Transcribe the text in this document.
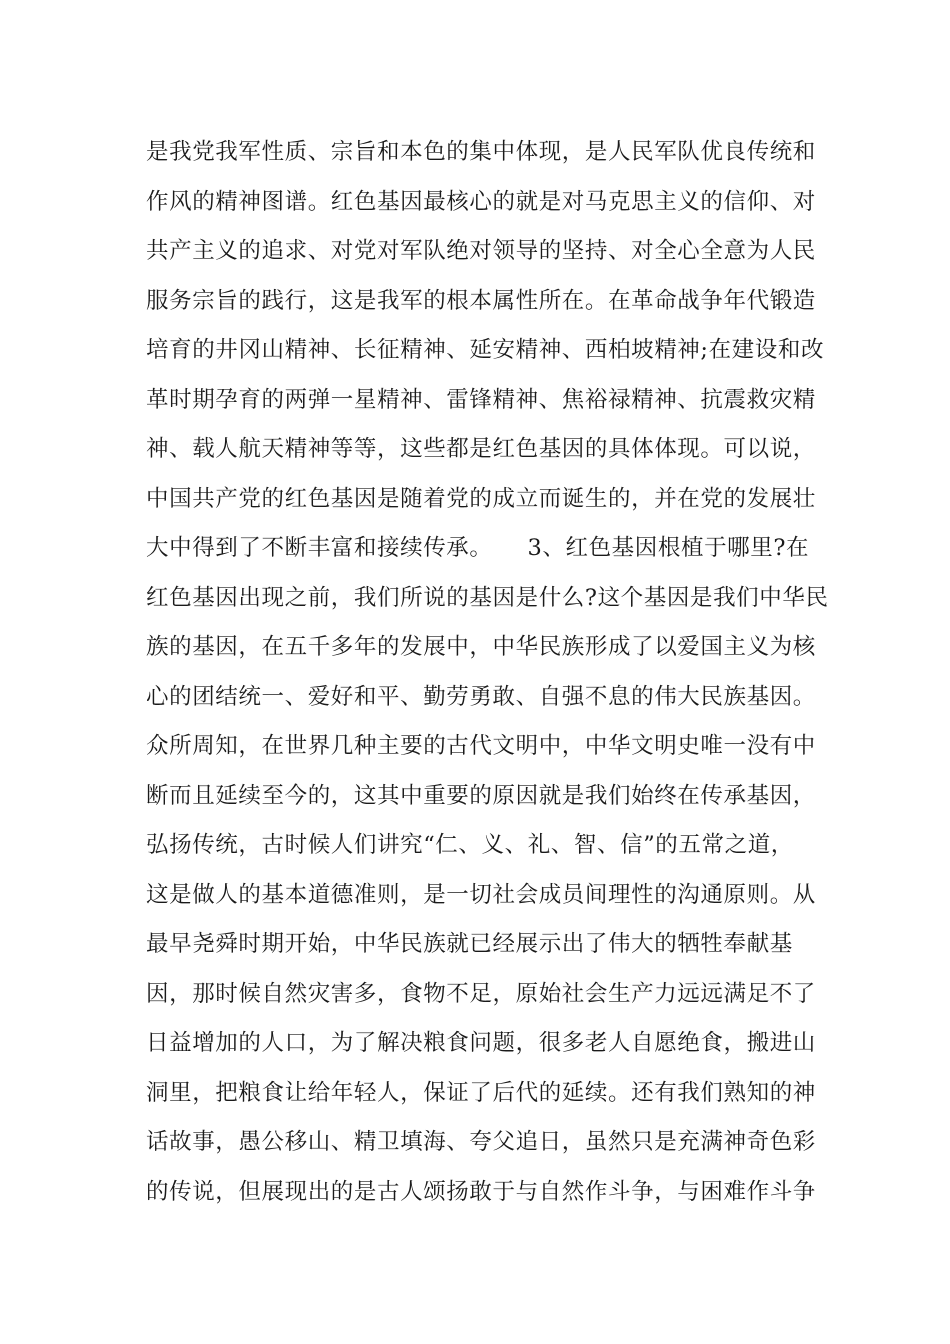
是我党我军性质、宗旨和本色的集中体现，是人民军队优良传统和
作风的精神图谱。红色基因最核心的就是对马克思主义的信仰、对
共产主义的追求、对党对军队绝对领导的坚持、对全心全意为人民
服务宗旨的践行，这是我军的根本属性所在。在革命战争年代锻造
培育的井冈山精神、长征精神、延安精神、西柏坡精神;在建设和改
革时期孕育的两弹一星精神、雷锋精神、焦裕禄精神、抗震救灾精
神、载人航天精神等等，这些都是红色基因的具体体现。可以说，
中国共产党的红色基因是随着党的成立而诞生的，并在党的发展壮
大中得到了不断丰富和接续传承。　　3、红色基因根植于哪里?在
红色基因出现之前，我们所说的基因是什么?这个基因是我们中华民
族的基因，在五千多年的发展中，中华民族形成了以爱国主义为核
心的团结统一、爱好和平、勤劳勇敢、自强不息的伟大民族基因。
众所周知，在世界几种主要的古代文明中，中华文明史唯一没有中
断而且延续至今的，这其中重要的原因就是我们始终在传承基因，
弘扬传统，古时候人们讲究“仁、义、礼、智、信”的五常之道，
这是做人的基本道德准则，是一切社会成员间理性的沟通原则。从
最早尧舜时期开始，中华民族就已经展示出了伟大的牺牲奉献基
因，那时候自然灾害多，食物不足，原始社会生产力远远满足不了
日益增加的人口，为了解决粮食问题，很多老人自愿绝食，搬进山
洞里，把粮食让给年轻人，保证了后代的延续。还有我们熟知的神
话故事，愚公移山、精卫填海、夸父追日，虽然只是充满神奇色彩
的传说，但展现出的是古人颂扬敢于与自然作斗争，与困难作斗争
